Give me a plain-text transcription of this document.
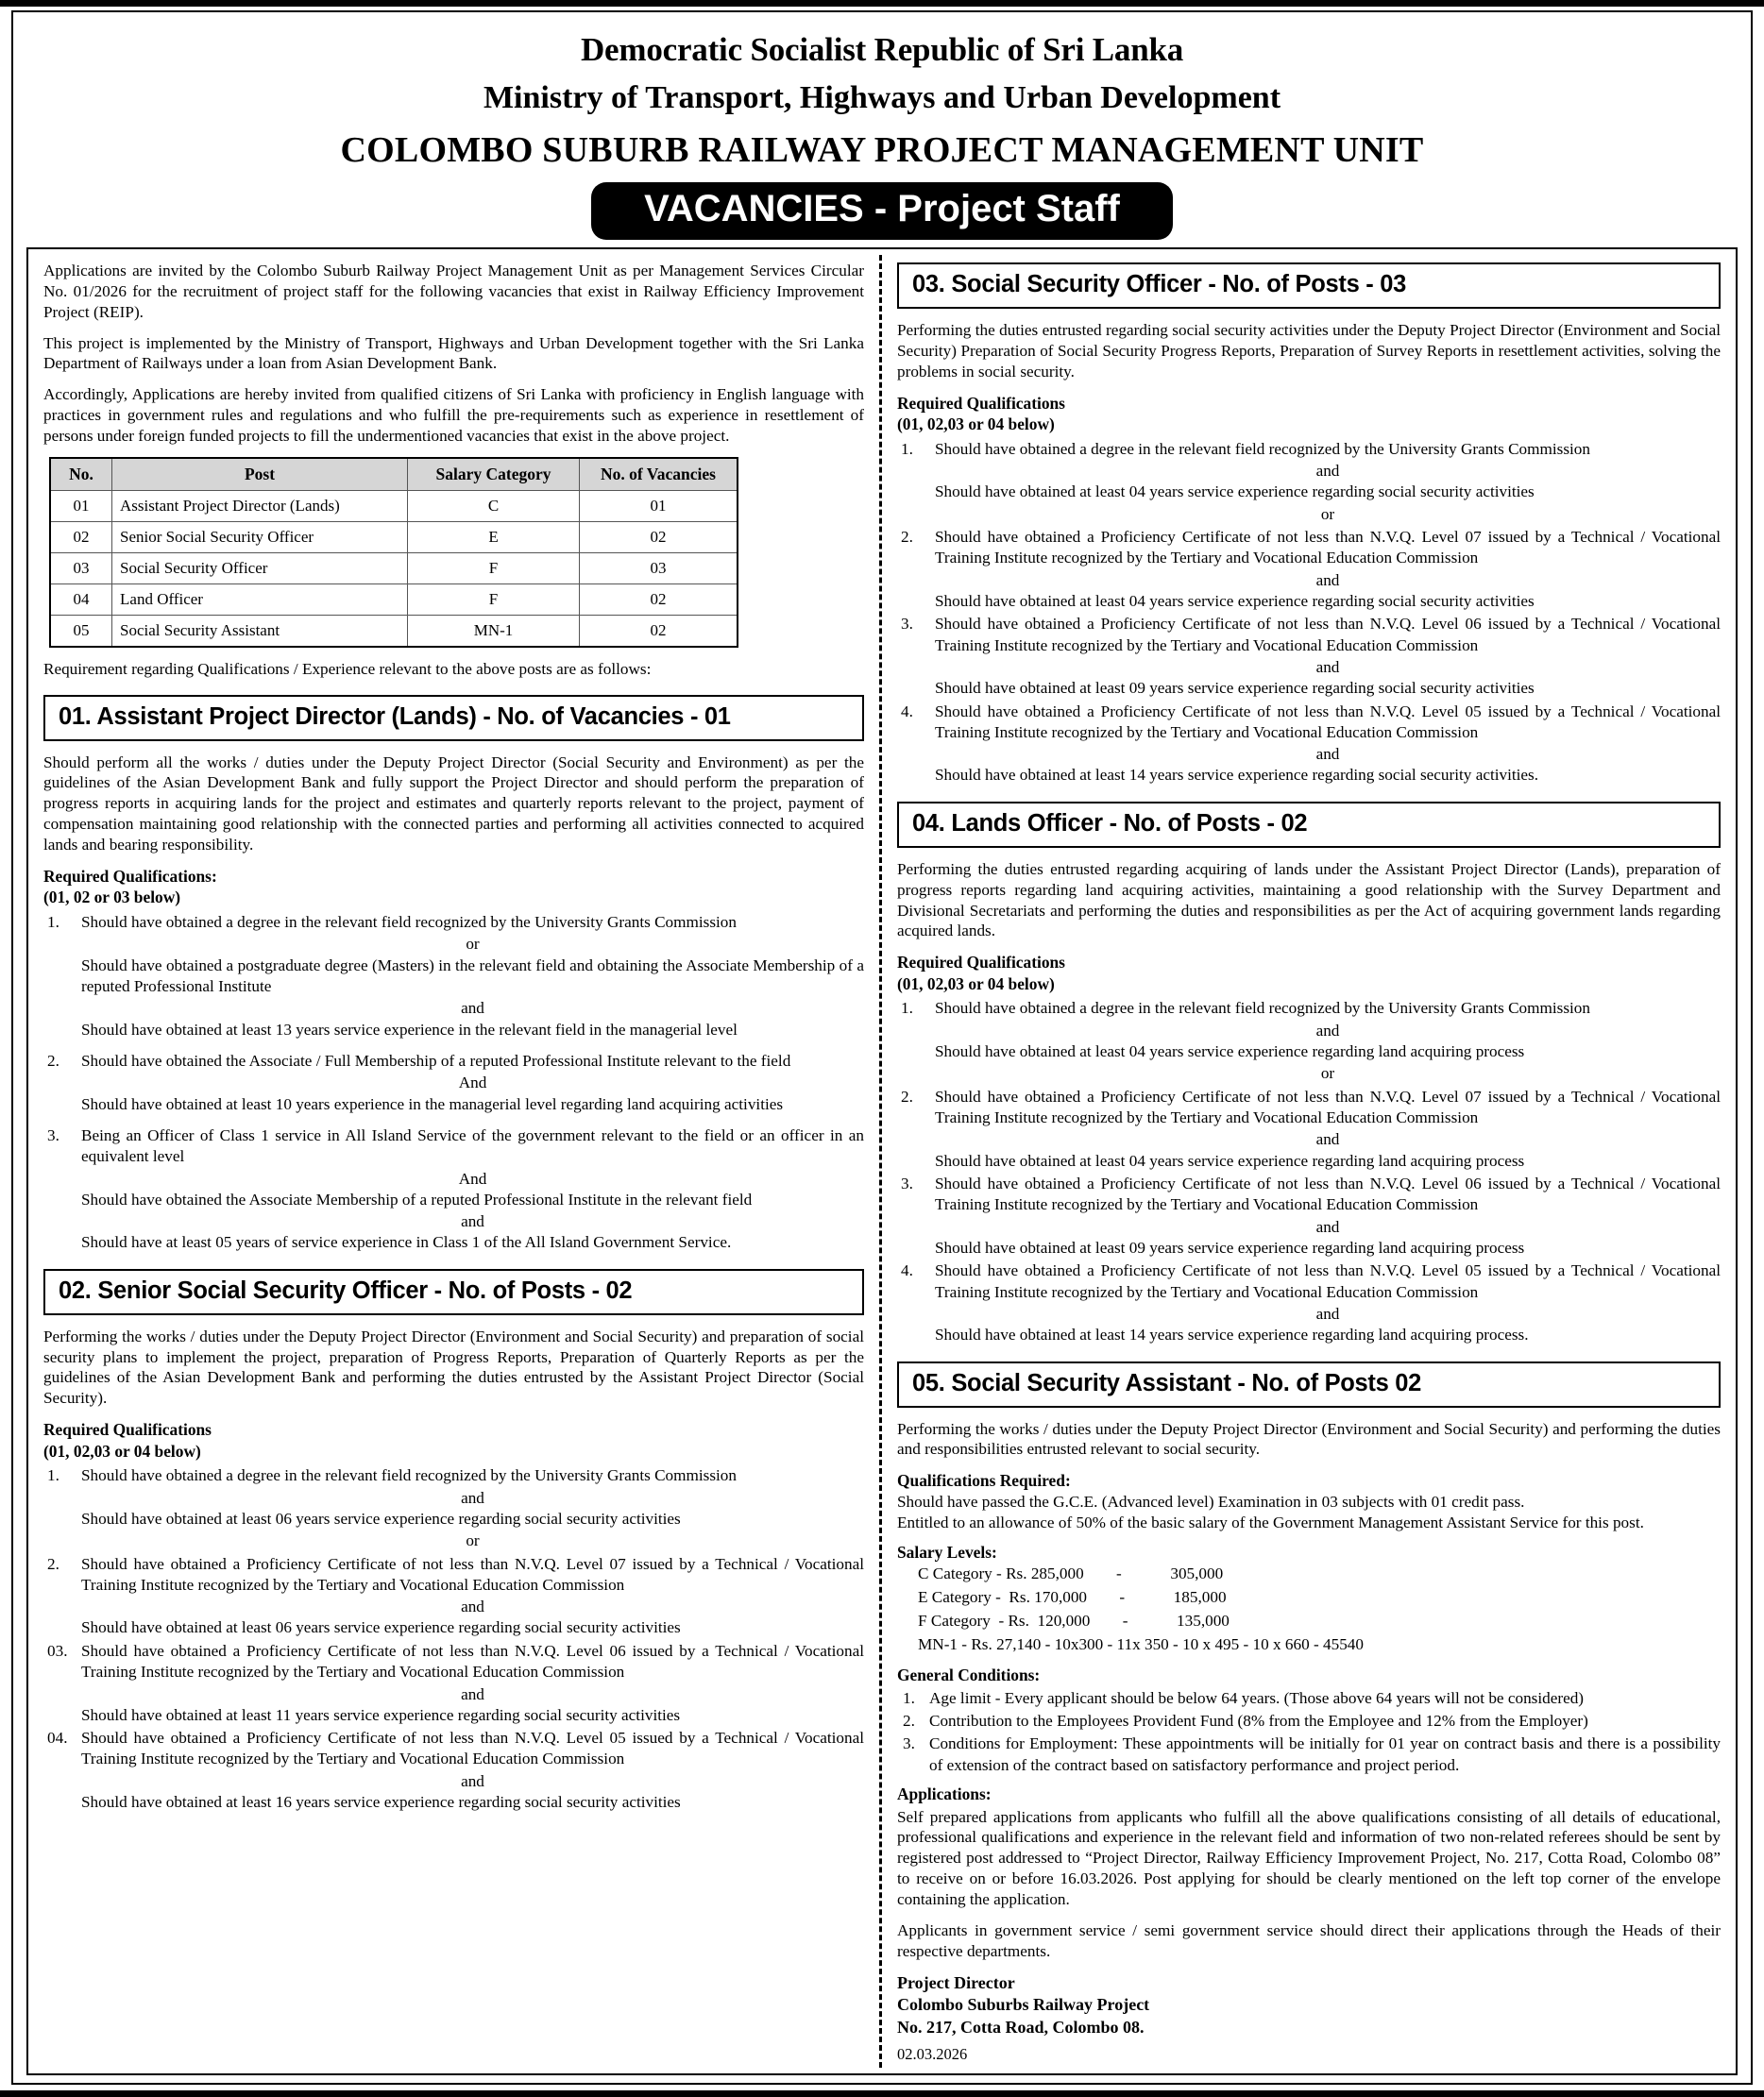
Democratic Socialist Republic of Sri Lanka
Ministry of Transport, Highways and Urban Development
COLOMBO SUBURB RAILWAY PROJECT MANAGEMENT UNIT
VACANCIES - Project Staff

Applications are invited by the Colombo Suburb Railway Project Management Unit as per Management Services Circular No. 01/2026 for the recruitment of project staff for the following vacancies that exist in Railway Efficiency Improvement Project (REIP).

This project is implemented by the Ministry of Transport, Highways and Urban Development together with the Sri Lanka Department of Railways under a loan from Asian Development Bank.

Accordingly, Applications are hereby invited from qualified citizens of Sri Lanka with proficiency in English language with practices in government rules and regulations and who fulfill the pre-requirements such as experience in resettlement of persons under foreign funded projects to fill the undermentioned vacancies that exist in the above project.

No.	Post	Salary Category	No. of Vacancies
01	Assistant Project Director (Lands)	C	01
02	Senior Social Security Officer	E	02
03	Social Security Officer	F	03
04	Land Officer	F	02
05	Social Security Assistant	MN-1	02

Requirement regarding Qualifications / Experience relevant to the above posts are as follows:

01. Assistant Project Director (Lands) - No. of Vacancies - 01

Should perform all the works / duties under the Deputy Project Director (Social Security and Environment) as per the guidelines of the Asian Development Bank and fully support the Project Director and should perform the preparation of progress reports in acquiring lands for the project and estimates and quarterly reports relevant to the project, payment of compensation maintaining good relationship with the connected parties and performing all activities connected to acquired lands and bearing responsibility.

Required Qualifications:
(01, 02 or 03 below)
1. Should have obtained a degree in the relevant field recognized by the University Grants Commission
or
Should have obtained a postgraduate degree (Masters) in the relevant field and obtaining the Associate Membership of a reputed Professional Institute
and
Should have obtained at least 13 years service experience in the relevant field in the managerial level
2. Should have obtained the Associate / Full Membership of a reputed Professional Institute relevant to the field
And
Should have obtained at least 10 years experience in the managerial level regarding land acquiring activities
3. Being an Officer of Class 1 service in All Island Service of the government relevant to the field or an officer in an equivalent level
And
Should have obtained the Associate Membership of a reputed Professional Institute in the relevant field
and
Should have at least 05 years of service experience in Class 1 of the All Island Government Service.
02. Senior Social Security Officer - No. of Posts - 02

Performing the works / duties under the Deputy Project Director (Environment and Social Security) and preparation of social security plans to implement the project, preparation of Progress Reports, Preparation of Quarterly Reports as per the guidelines of the Asian Development Bank and performing the duties entrusted by the Assistant Project Director (Social Security).

Required Qualifications
(01, 02,03 or 04 below)
1. Should have obtained a degree in the relevant field recognized by the University Grants Commission
and
Should have obtained at least 06 years service experience regarding social security activities
or
2. Should have obtained a Proficiency Certificate of not less than N.V.Q. Level 07 issued by a Technical / Vocational Training Institute recognized by the Tertiary and Vocational Education Commission
and
Should have obtained at least 06 years service experience regarding social security activities
03. Should have obtained a Proficiency Certificate of not less than N.V.Q. Level 06 issued by a Technical / Vocational Training Institute recognized by the Tertiary and Vocational Education Commission
and
Should have obtained at least 11 years service experience regarding social security activities
04. Should have obtained a Proficiency Certificate of not less than N.V.Q. Level 05 issued by a Technical / Vocational Training Institute recognized by the Tertiary and Vocational Education Commission
and
Should have obtained at least 16 years service experience regarding social security activities
03. Social Security Officer - No. of Posts - 03

Performing the duties entrusted regarding social security activities under the Deputy Project Director (Environment and Social Security) Preparation of Social Security Progress Reports, Preparation of Survey Reports in resettlement activities, solving the problems in social security.

Required Qualifications
(01, 02,03 or 04 below)
1. Should have obtained a degree in the relevant field recognized by the University Grants Commission
and
Should have obtained at least 04 years service experience regarding social security activities
or
2. Should have obtained a Proficiency Certificate of not less than N.V.Q. Level 07 issued by a Technical / Vocational Training Institute recognized by the Tertiary and Vocational Education Commission
and
Should have obtained at least 04 years service experience regarding social security activities
3. Should have obtained a Proficiency Certificate of not less than N.V.Q. Level 06 issued by a Technical / Vocational Training Institute recognized by the Tertiary and Vocational Education Commission
and
Should have obtained at least 09 years service experience regarding social security activities
4. Should have obtained a Proficiency Certificate of not less than N.V.Q. Level 05 issued by a Technical / Vocational Training Institute recognized by the Tertiary and Vocational Education Commission
and
Should have obtained at least 14 years service experience regarding social security activities.
04. Lands Officer - No. of Posts - 02

Performing the duties entrusted regarding acquiring of lands under the Assistant Project Director (Lands), preparation of progress reports regarding land acquiring activities, maintaining a good relationship with the Survey Department and Divisional Secretariats and performing the duties and responsibilities as per the Act of acquiring government lands regarding acquired lands.

Required Qualifications
(01, 02,03 or 04 below)
1. Should have obtained a degree in the relevant field recognized by the University Grants Commission
and
Should have obtained at least 04 years service experience regarding land acquiring process
or
2. Should have obtained a Proficiency Certificate of not less than N.V.Q. Level 07 issued by a Technical / Vocational Training Institute recognized by the Tertiary and Vocational Education Commission
and
Should have obtained at least 04 years service experience regarding land acquiring process
3. Should have obtained a Proficiency Certificate of not less than N.V.Q. Level 06 issued by a Technical / Vocational Training Institute recognized by the Tertiary and Vocational Education Commission
and
Should have obtained at least 09 years service experience regarding land acquiring process
4. Should have obtained a Proficiency Certificate of not less than N.V.Q. Level 05 issued by a Technical / Vocational Training Institute recognized by the Tertiary and Vocational Education Commission
and
Should have obtained at least 14 years service experience regarding land acquiring process.
05. Social Security Assistant - No. of Posts 02

Performing the works / duties under the Deputy Project Director (Environment and Social Security) and performing the duties and responsibilities entrusted relevant to social security.

Qualifications Required:
Should have passed the G.C.E. (Advanced level) Examination in 03 subjects with 01 credit pass.
Entitled to an allowance of 50% of the basic salary of the Government Management Assistant Service for this post.
Salary Levels:
C Category - Rs. 285,000        -            305,000
E Category -  Rs. 170,000        -            185,000
F Category  - Rs.  120,000        -            135,000
MN-1 - Rs. 27,140 - 10x300 - 11x 350 - 10 x 495 - 10 x 660 - 45540
General Conditions:
1. Age limit - Every applicant should be below 64 years. (Those above 64 years will not be considered)
2. Contribution to the Employees Provident Fund (8% from the Employee and 12% from the Employer)
3. Conditions for Employment: These appointments will be initially for 01 year on contract basis and there is a possibility of extension of the contract based on satisfactory performance and project period.
Applications:

Self prepared applications from applicants who fulfill all the above qualifications consisting of all details of educational, professional qualifications and experience in the relevant field and information of two non-related referees should be sent by registered post addressed to “Project Director, Railway Efficiency Improvement Project, No. 217, Cotta Road, Colombo 08” to receive on or before 16.03.2026. Post applying for should be clearly mentioned on the left top corner of the envelope containing the application.

Applicants in government service / semi government service should direct their applications through the Heads of their respective departments.

Project Director
Colombo Suburbs Railway Project
No. 217, Cotta Road, Colombo 08.
02.03.2026
